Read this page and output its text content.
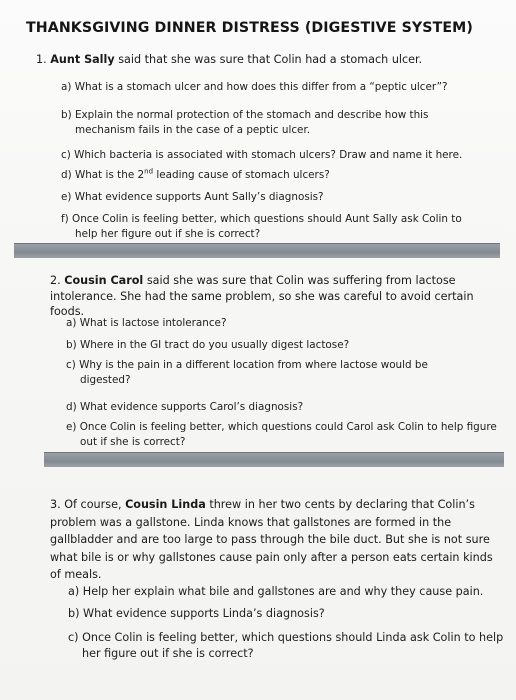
THANKSGIVING DINNER DISTRESS (DIGESTIVE SYSTEM)
1. Aunt Sally said that she was sure that Colin had a stomach ulcer.
a) What is a stomach ulcer and how does this differ from a “peptic ulcer”?
b) Explain the normal protection of the stomach and describe how this mechanism fails in the case of a peptic ulcer.
c) Which bacteria is associated with stomach ulcers? Draw and name it here.
d) What is the 2nd leading cause of stomach ulcers?
e) What evidence supports Aunt Sally’s diagnosis?
f) Once Colin is feeling better, which questions should Aunt Sally ask Colin to help her figure out if she is correct?
2. Cousin Carol said she was sure that Colin was suffering from lactose intolerance. She had the same problem, so she was careful to avoid certain foods.
a) What is lactose intolerance?
b) Where in the GI tract do you usually digest lactose?
c) Why is the pain in a different location from where lactose would be digested?
d) What evidence supports Carol’s diagnosis?
e) Once Colin is feeling better, which questions could Carol ask Colin to help figure out if she is correct?
3. Of course, Cousin Linda threw in her two cents by declaring that Colin’s problem was a gallstone. Linda knows that gallstones are formed in the gallbladder and are too large to pass through the bile duct. But she is not sure what bile is or why gallstones cause pain only after a person eats certain kinds of meals.
a) Help her explain what bile and gallstones are and why they cause pain.
b) What evidence supports Linda’s diagnosis?
c) Once Colin is feeling better, which questions should Linda ask Colin to help her figure out if she is correct?
